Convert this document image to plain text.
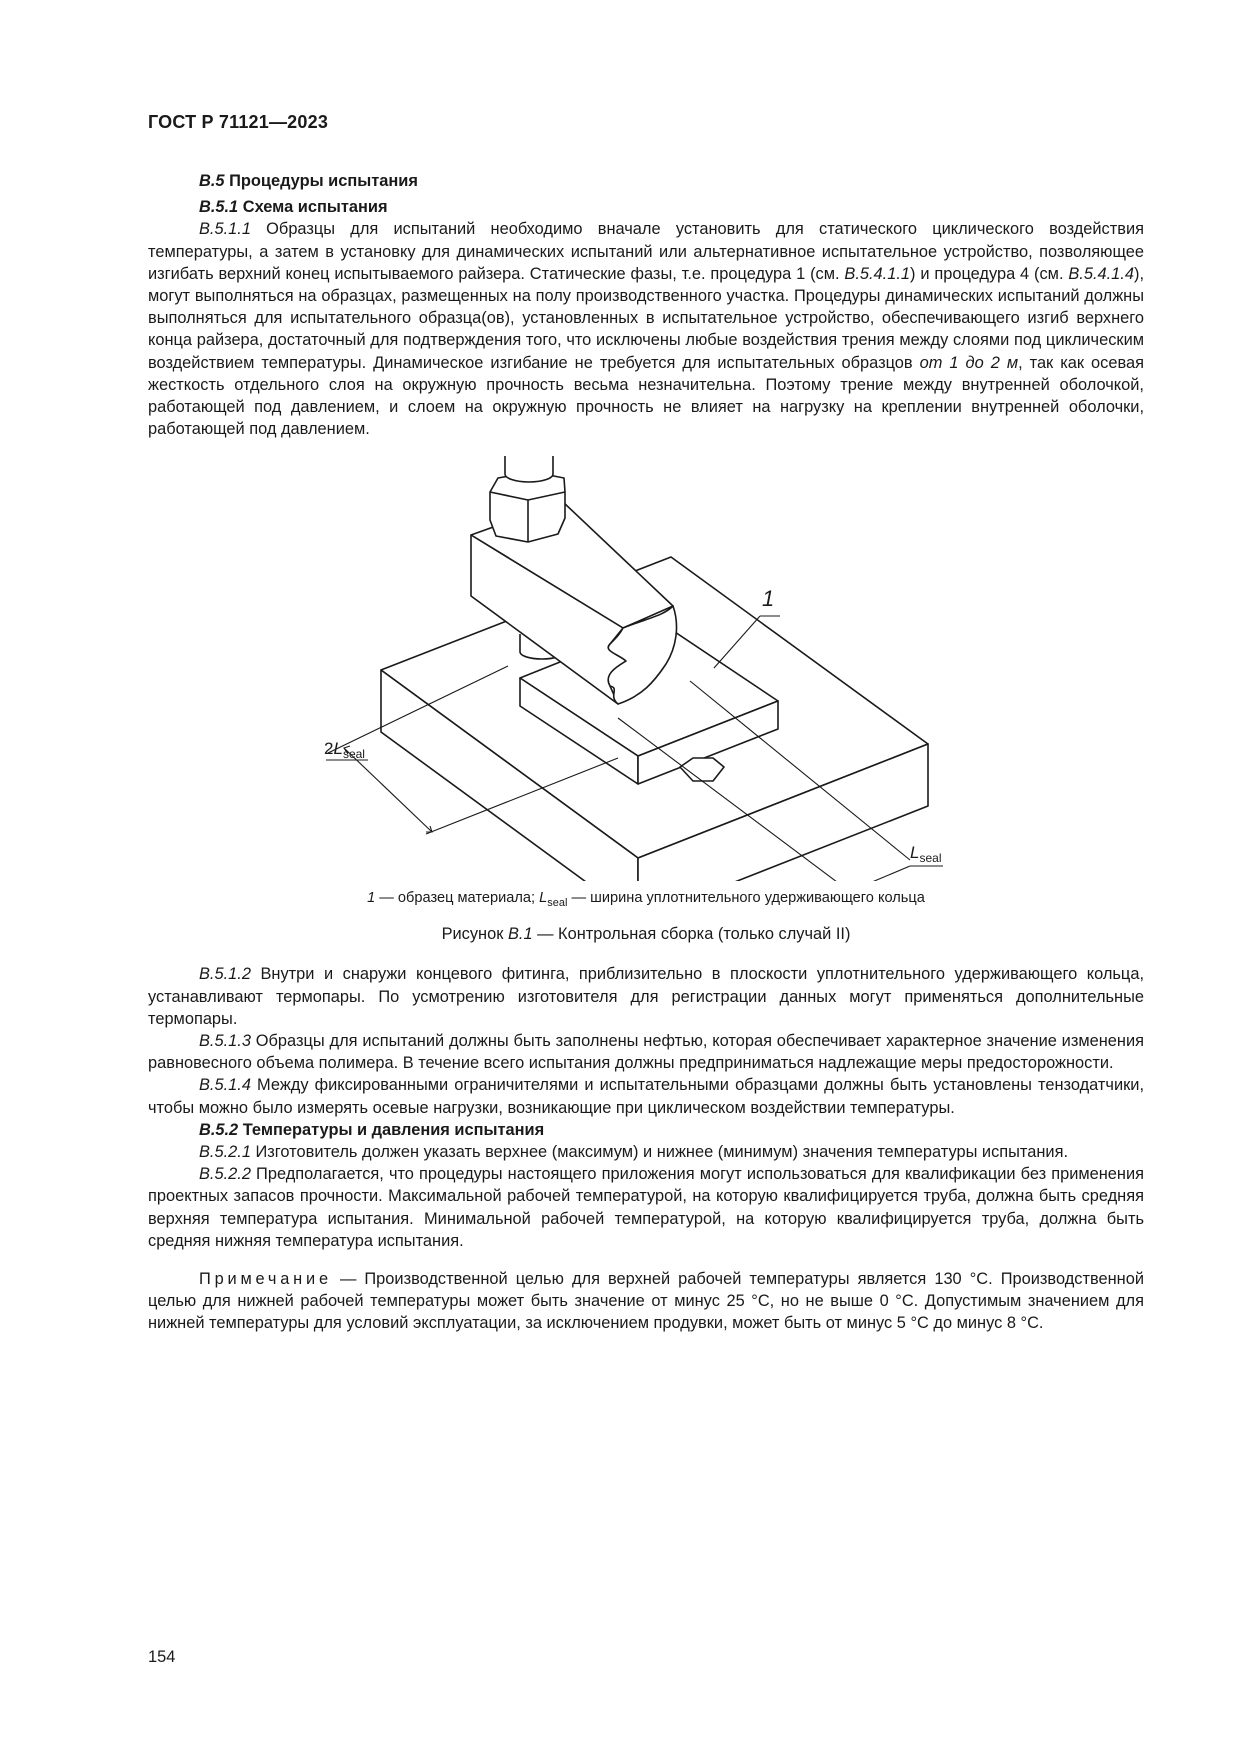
ГОСТ Р 71121—2023

В.5 Процедуры испытания

В.5.1 Схема испытания

В.5.1.1 Образцы для испытаний необходимо вначале установить для статического циклического воздействия температуры, а затем в установку для динамических испытаний или альтернативное испытательное устройство, позволяющее изгибать верхний конец испытываемого райзера. Статические фазы, т.е. процедура 1 (см. В.5.4.1.1) и процедура 4 (см. В.5.4.1.4), могут выполняться на образцах, размещенных на полу производственного участка. Процедуры динамических испытаний должны выполняться для испытательного образца(ов), установленных в испытательное устройство, обеспечивающего изгиб верхнего конца райзера, достаточный для подтверждения того, что исключены любые воздействия трения между слоями под циклическим воздействием температуры. Динамическое изгибание не требуется для испытательных образцов от 1 до 2 м, так как осевая жесткость отдельного слоя на окружную прочность весьма незначительна. Поэтому трение между внутренней оболочкой, работающей под давлением, и слоем на окружную прочность не влияет на нагрузку на креплении внутренней оболочки, работающей под давлением.

1
$2L_{seal}$
$L_{seal}$
1 — образец материала; $L_{seal}$ — ширина уплотнительного удерживающего кольца
Рисунок В.1 — Контрольная сборка (только случай II)

В.5.1.2 Внутри и снаружи концевого фитинга, приблизительно в плоскости уплотнительного удерживающего кольца, устанавливают термопары. По усмотрению изготовителя для регистрации данных могут применяться дополнительные термопары.

В.5.1.3 Образцы для испытаний должны быть заполнены нефтью, которая обеспечивает характерное значение изменения равновесного объема полимера. В течение всего испытания должны предприниматься надлежащие меры предосторожности.

В.5.1.4 Между фиксированными ограничителями и испытательными образцами должны быть установлены тензодатчики, чтобы можно было измерять осевые нагрузки, возникающие при циклическом воздействии температуры.

В.5.2 Температуры и давления испытания

В.5.2.1 Изготовитель должен указать верхнее (максимум) и нижнее (минимум) значения температуры испытания.

В.5.2.2 Предполагается, что процедуры настоящего приложения могут использоваться для квалификации без применения проектных запасов прочности. Максимальной рабочей температурой, на которую квалифицируется труба, должна быть средняя верхняя температура испытания. Минимальной рабочей температурой, на которую квалифицируется труба, должна быть средняя нижняя температура испытания.

Примечание — Производственной целью для верхней рабочей температуры является 130 °С. Производственной целью для нижней рабочей температуры может быть значение от минус 25 °С, но не выше 0 °С. Допустимым значением для нижней температуры для условий эксплуатации, за исключением продувки, может быть от минус 5 °С до минус 8 °С.

154
